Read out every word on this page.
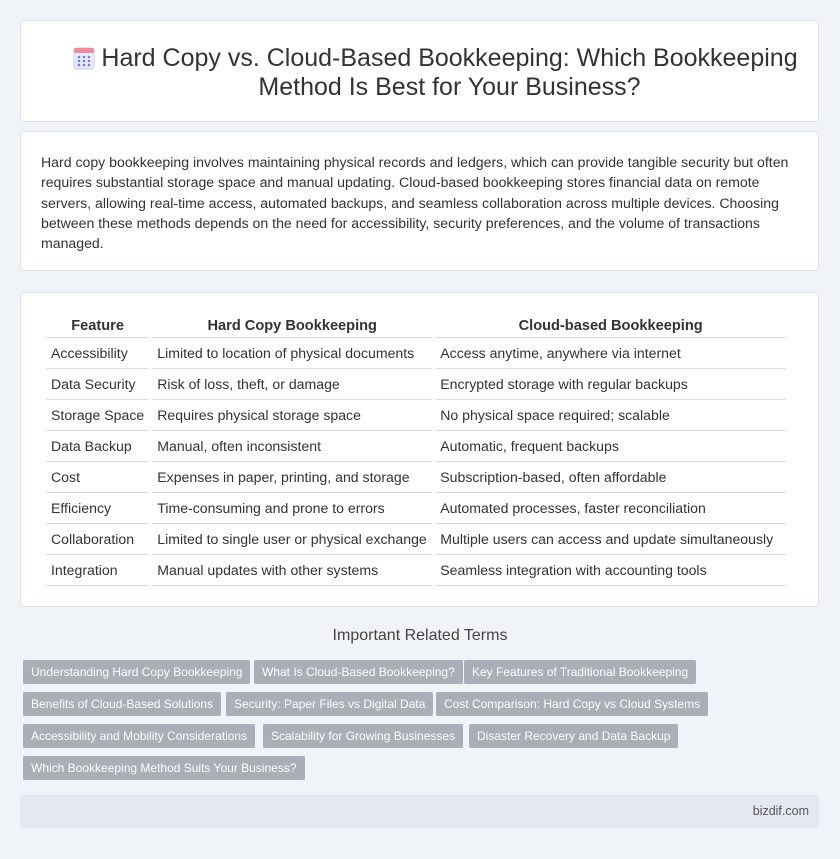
Hard Copy vs. Cloud-Based Bookkeeping: Which Bookkeeping Method Is Best for Your Business?

Hard copy bookkeeping involves maintaining physical records and ledgers, which can provide tangible security but often requires substantial storage space and manual updating. Cloud-based bookkeeping stores financial data on remote servers, allowing real-time access, automated backups, and seamless collaboration across multiple devices. Choosing between these methods depends on the need for accessibility, security preferences, and the volume of transactions managed.

Feature	Hard Copy Bookkeeping	Cloud-based Bookkeeping
Accessibility	Limited to location of physical documents	Access anytime, anywhere via internet
Data Security	Risk of loss, theft, or damage	Encrypted storage with regular backups
Storage Space	Requires physical storage space	No physical space required; scalable
Data Backup	Manual, often inconsistent	Automatic, frequent backups
Cost	Expenses in paper, printing, and storage	Subscription-based, often affordable
Efficiency	Time-consuming and prone to errors	Automated processes, faster reconciliation
Collaboration	Limited to single user or physical exchange	Multiple users can access and update simultaneously
Integration	Manual updates with other systems	Seamless integration with accounting tools
Important Related Terms
Understanding Hard Copy Bookkeeping	What Is Cloud-Based Bookkeeping?	Key Features of Traditional Bookkeeping
Benefits of Cloud-Based Solutions	Security: Paper Files vs Digital Data	Cost Comparison: Hard Copy vs Cloud Systems
Accessibility and Mobility Considerations	Scalability for Growing Businesses	Disaster Recovery and Data Backup
Which Bookkeeping Method Suits Your Business?
bizdif.com
